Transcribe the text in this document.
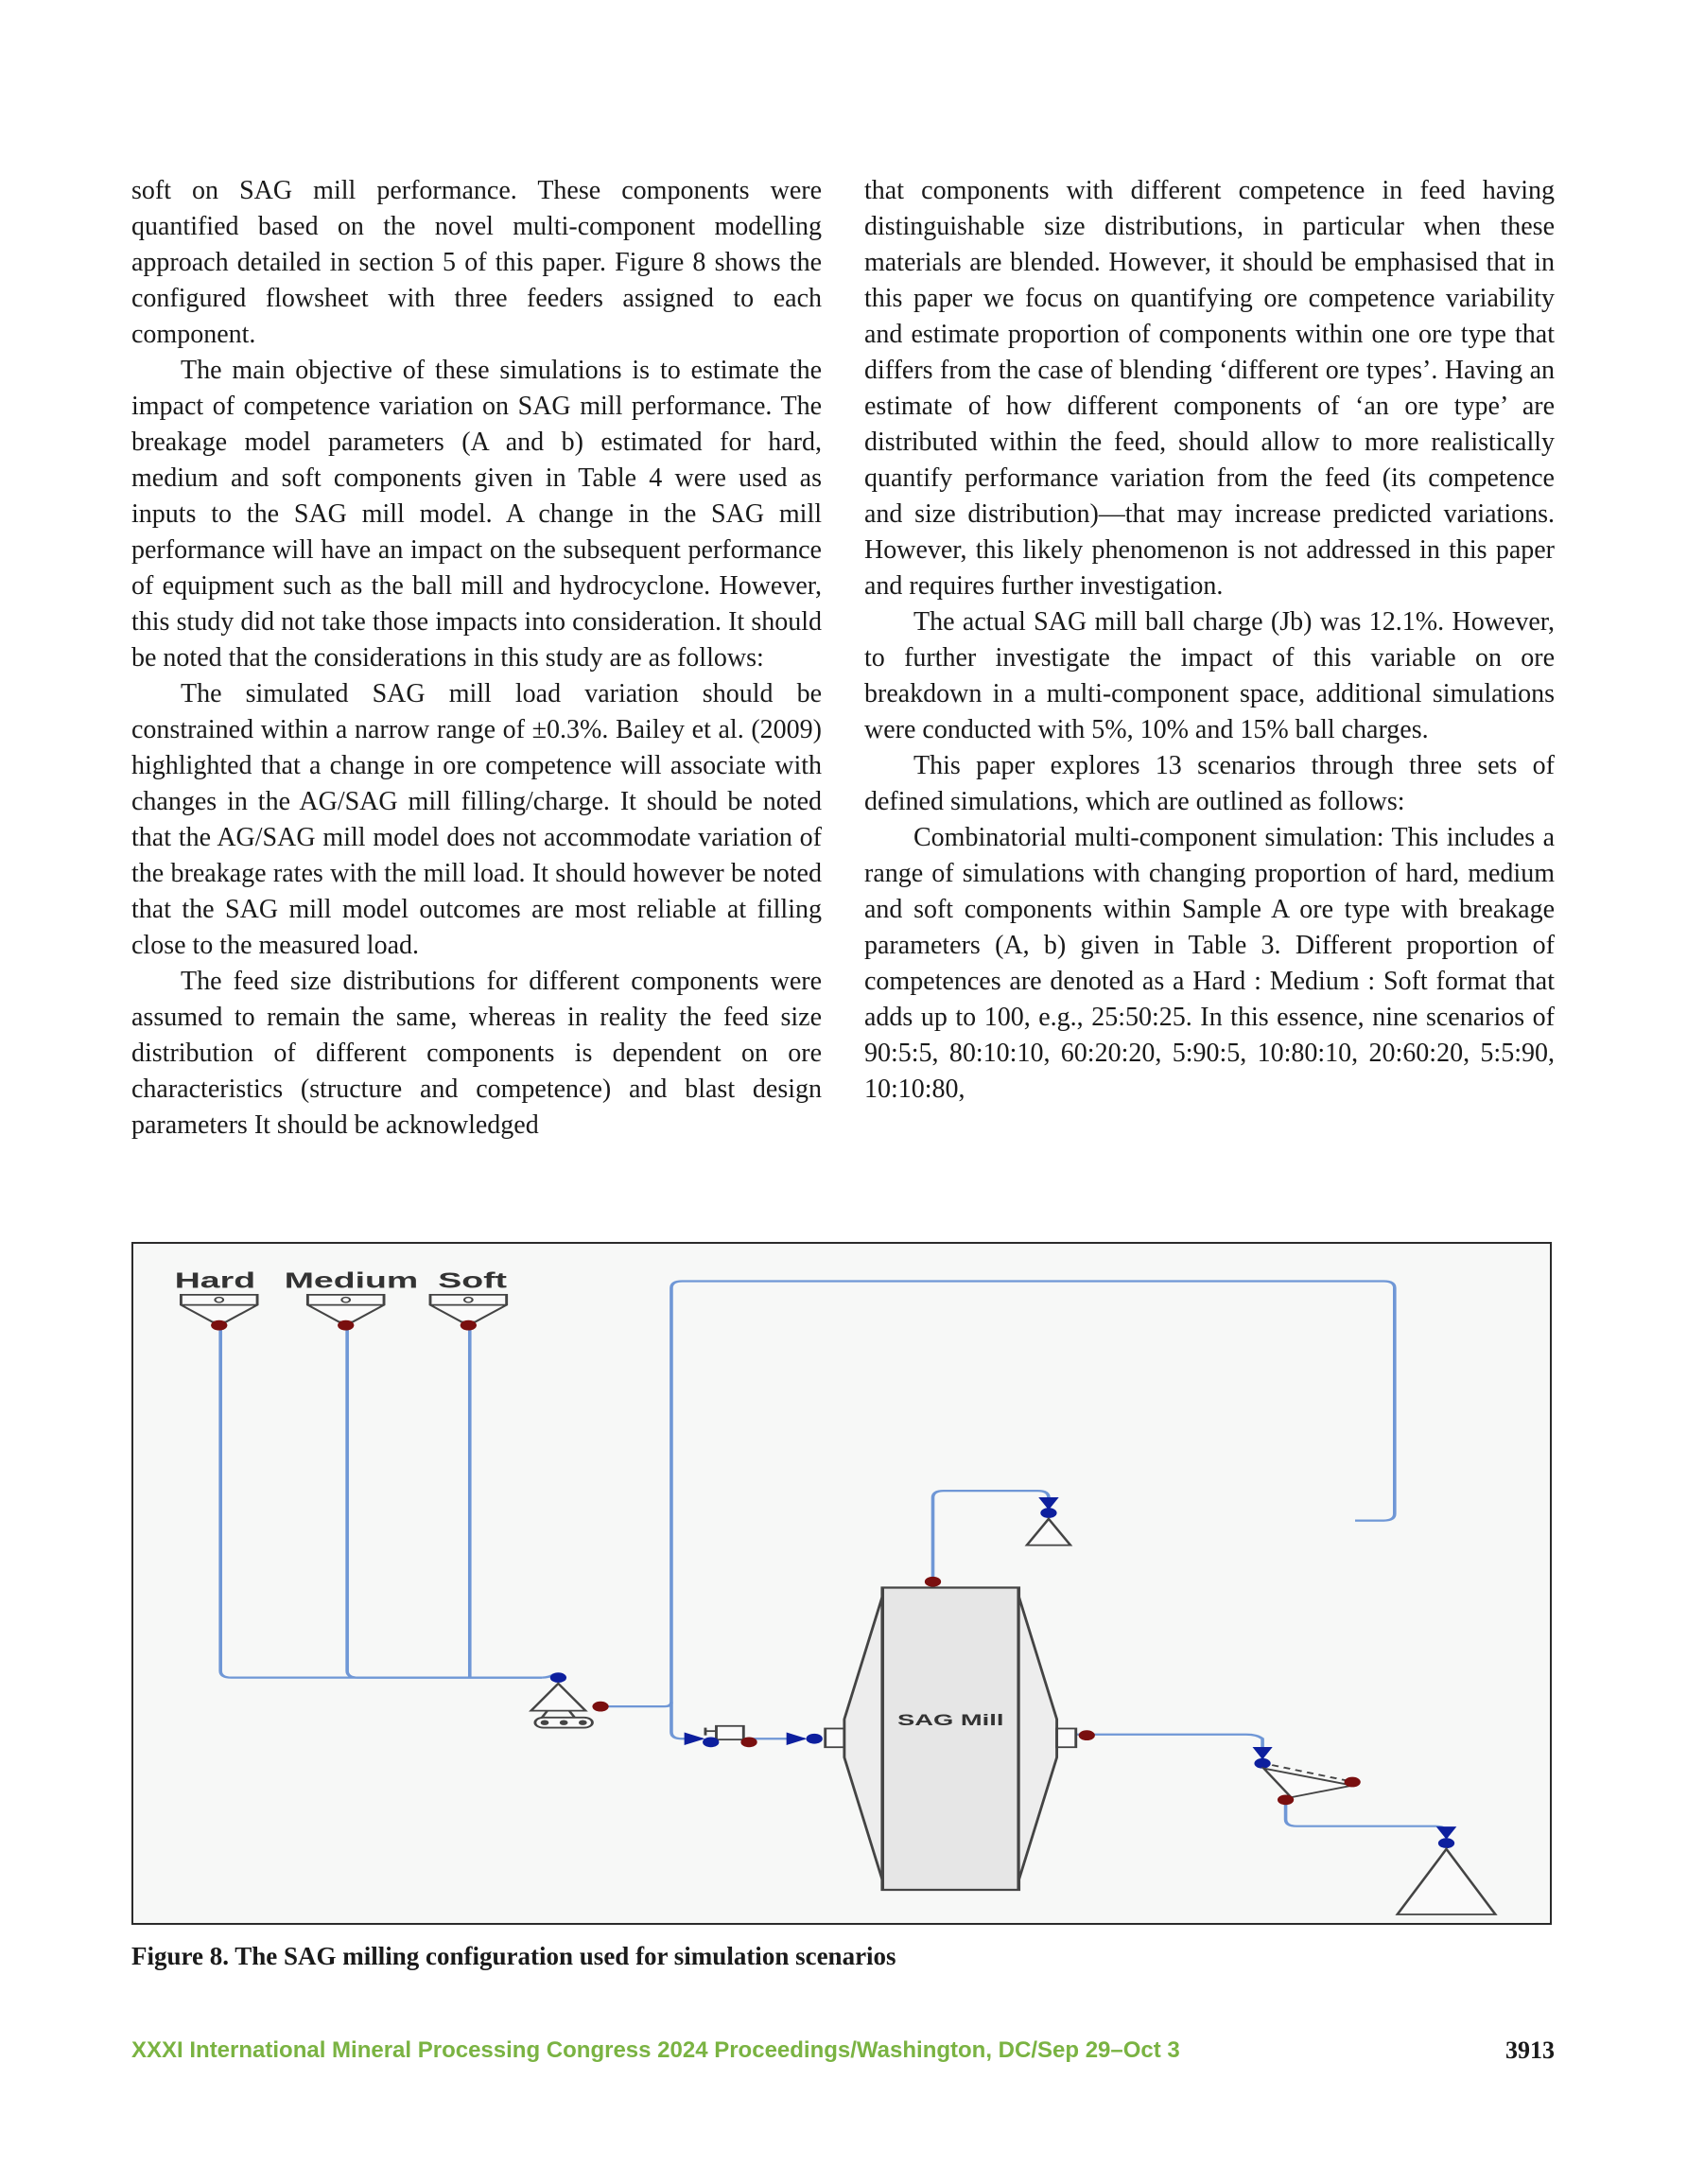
soft on SAG mill performance. These components were quantified based on the novel multi-component modelling approach detailed in section 5 of this paper. Figure 8 shows the configured flowsheet with three feeders assigned to each component.

The main objective of these simulations is to estimate the impact of competence variation on SAG mill performance. The breakage model parameters (A and b) estimated for hard, medium and soft components given in Table 4 were used as inputs to the SAG mill model. A change in the SAG mill performance will have an impact on the subsequent performance of equipment such as the ball mill and hydrocyclone. However, this study did not take those impacts into consideration. It should be noted that the considerations in this study are as follows:

The simulated SAG mill load variation should be constrained within a narrow range of ±0.3%. Bailey et al. (2009) highlighted that a change in ore competence will associate with changes in the AG/SAG mill filling/charge. It should be noted that the AG/SAG mill model does not accommodate variation of the breakage rates with the mill load. It should however be noted that the SAG mill model outcomes are most reliable at filling close to the measured load.

The feed size distributions for different components were assumed to remain the same, whereas in reality the feed size distribution of different components is dependent on ore characteristics (structure and competence) and blast design parameters It should be acknowledged

that components with different competence in feed having distinguishable size distributions, in particular when these materials are blended. However, it should be emphasised that in this paper we focus on quantifying ore competence variability and estimate proportion of components within one ore type that differs from the case of blending ‘different ore types’. Having an estimate of how different components of ‘an ore type’ are distributed within the feed, should allow to more realistically quantify performance variation from the feed (its competence and size distribution)—that may increase predicted variations. However, this likely phenomenon is not addressed in this paper and requires further investigation.

The actual SAG mill ball charge (Jb) was 12.1%. However, to further investigate the impact of this variable on ore breakdown in a multi-component space, additional simulations were conducted with 5%, 10% and 15% ball charges.

This paper explores 13 scenarios through three sets of defined simulations, which are outlined as follows:

Combinatorial multi-component simulation: This includes a range of simulations with changing proportion of hard, medium and soft components within Sample A ore type with breakage parameters (A, b) given in Table 3. Different proportion of competences are denoted as a Hard : Medium : Soft format that adds up to 100, e.g., 25:50:25. In this essence, nine scenarios of 90:5:5, 80:10:10, 60:20:20, 5:90:5, 10:80:10, 20:60:20, 5:5:90, 10:10:80,

Hard Medium Soft
SAG Mill
Figure 8. The SAG milling configuration used for simulation scenarios
XXXI International Mineral Processing Congress 2024 Proceedings/Washington, DC/Sep 29–Oct 3	3913
